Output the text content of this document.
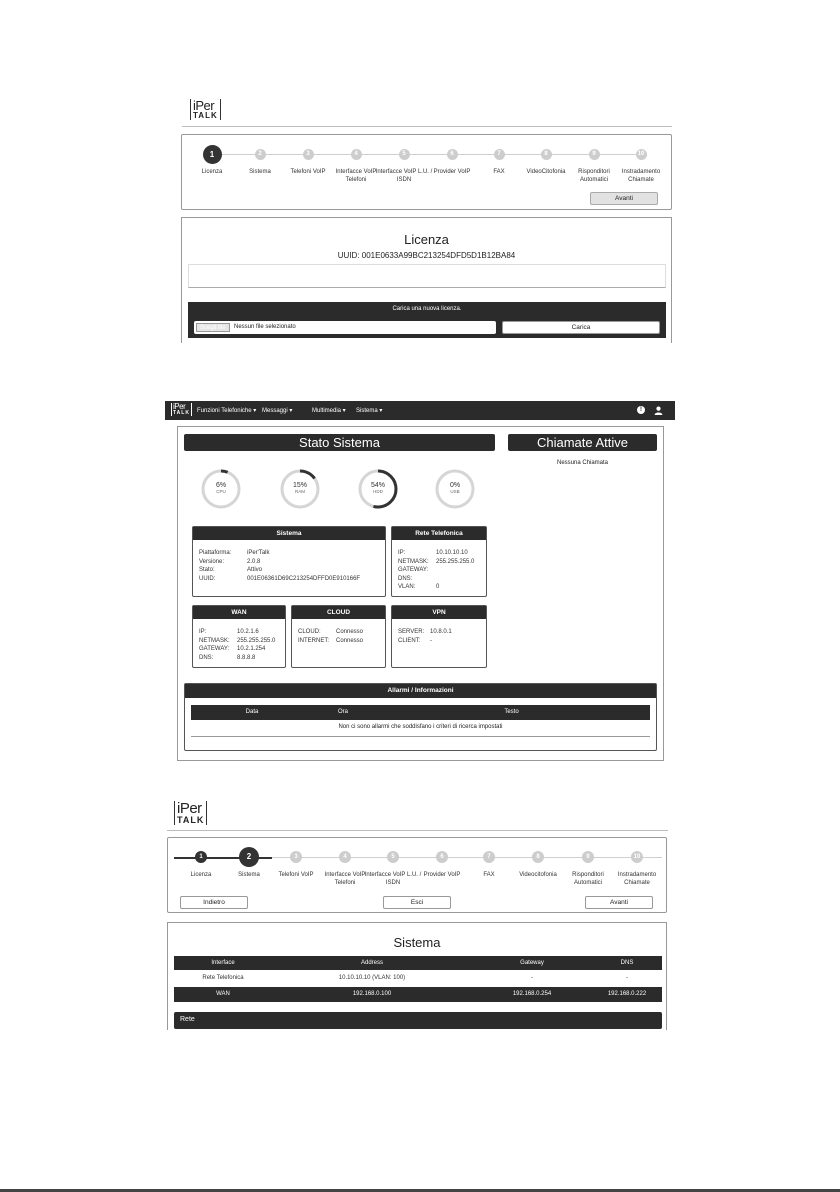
iPer
TALK
1
Licenza
2
Sistema
3
Telefoni VoIP
4
Interfacce VoIP Telefoni
5
Interfacce VoIP L.U. / ISDN
6
Provider VoIP
7
FAX
8
VideoCitofonia
9
Risponditori Automatici
10
Instradamento Chiamate
Avanti
Licenza
UUID: 001E0633A99BC213254DFD5D1B12BA84
Carica una nuova licenza.
Scegli file	Nessun file selezionato	Carica
iPer
TALK Funzioni Telefoniche ▾ Messaggi ▾	Multimedia ▾ Sistema ▾	!
Stato Sistema	Chiamate Attive
Nessuna Chiamata
6%
CPU
15%
RAM
54%
HDD
0%
USB
Sistema
Piattaforma:	iPer'Talk
Versione:	2.0.8
Stato:	Attivo
UUID:	001E06361D69C213254DFFD0E910166F
Rete Telefonica
IP:	10.10.10.10
NETMASK: 255.255.255.0
GATEWAY:
DNS:
VLAN:	0
WAN
IP:	10.2.1.6
NETMASK: 255.255.255.0
GATEWAY: 10.2.1.254
DNS:	8.8.8.8
CLOUD
CLOUD:	Connesso
INTERNET: Connesso
VPN
SERVER: 10.8.0.1
CLIENT: -
Allarmi / Informazioni
Data	Ora	Testo
Non ci sono allarmi che soddisfano i criteri di ricerca impostati
iPer
TALK
1
Licenza
2
Sistema
3
Telefoni VoIP
4
Interfacce VoIP Telefoni
5
Interfacce VoIP L.U. / ISDN
6
Provider VoIP
7
FAX
8
Videocitofonia
9
Risponditori Automatici
10
Instradamento Chiamate
Indietro	Esci	Avanti
Sistema
Interface	Address	Gateway	DNS
Rete Telefonica	10.10.10.10 (VLAN: 100)	-	-
WAN	192.168.0.100	192.168.0.254	192.168.0.222
Rete
